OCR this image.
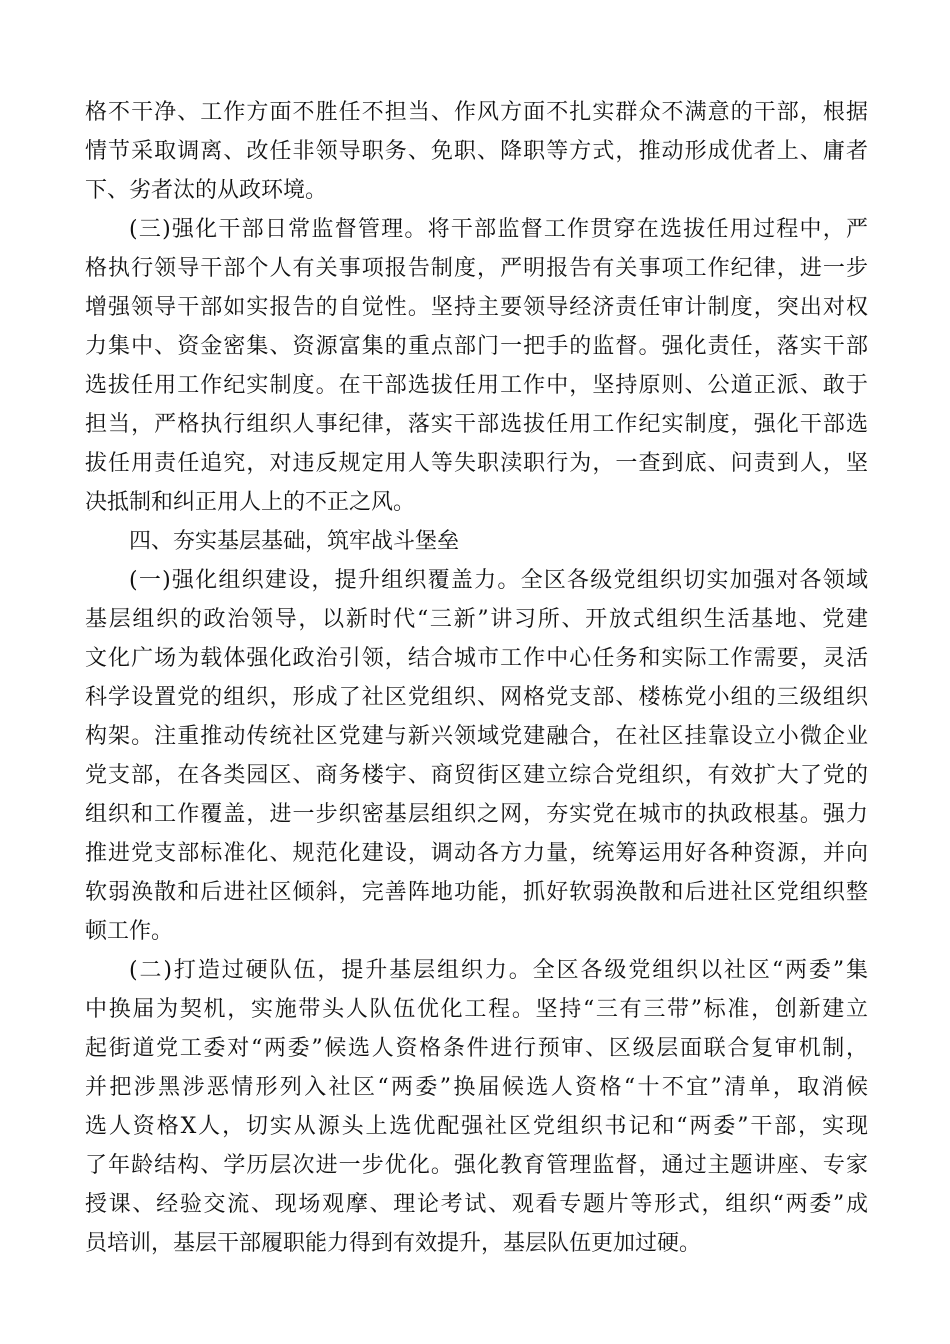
格不干净、工作方面不胜任不担当、作风方面不扎实群众不满意的干部，根据
情节采取调离、改任非领导职务、免职、降职等方式，推动形成优者上、庸者
下、劣者汰的从政环境。
(三)强化干部日常监督管理。将干部监督工作贯穿在选拔任用过程中，严
格执行领导干部个人有关事项报告制度，严明报告有关事项工作纪律，进一步
增强领导干部如实报告的自觉性。坚持主要领导经济责任审计制度，突出对权
力集中、资金密集、资源富集的重点部门一把手的监督。强化责任，落实干部
选拔任用工作纪实制度。在干部选拔任用工作中，坚持原则、公道正派、敢于
担当，严格执行组织人事纪律，落实干部选拔任用工作纪实制度，强化干部选
拔任用责任追究，对违反规定用人等失职渎职行为，一查到底、问责到人，坚
决抵制和纠正用人上的不正之风。
四、夯实基层基础，筑牢战斗堡垒
(一)强化组织建设，提升组织覆盖力。全区各级党组织切实加强对各领域
基层组织的政治领导，以新时代“三新”讲习所、开放式组织生活基地、党建
文化广场为载体强化政治引领，结合城市工作中心任务和实际工作需要，灵活
科学设置党的组织，形成了社区党组织、网格党支部、楼栋党小组的三级组织
构架。注重推动传统社区党建与新兴领域党建融合，在社区挂靠设立小微企业
党支部，在各类园区、商务楼宇、商贸街区建立综合党组织，有效扩大了党的
组织和工作覆盖，进一步织密基层组织之网，夯实党在城市的执政根基。强力
推进党支部标准化、规范化建设，调动各方力量，统筹运用好各种资源，并向
软弱涣散和后进社区倾斜，完善阵地功能，抓好软弱涣散和后进社区党组织整
顿工作。
(二)打造过硬队伍，提升基层组织力。全区各级党组织以社区“两委”集
中换届为契机，实施带头人队伍优化工程。坚持“三有三带”标准，创新建立
起街道党工委对“两委”候选人资格条件进行预审、区级层面联合复审机制，
并把涉黑涉恶情形列入社区“两委”换届候选人资格“十不宜”清单，取消候
选人资格X人，切实从源头上选优配强社区党组织书记和“两委”干部，实现
了年龄结构、学历层次进一步优化。强化教育管理监督，通过主题讲座、专家
授课、经验交流、现场观摩、理论考试、观看专题片等形式，组织“两委”成
员培训，基层干部履职能力得到有效提升，基层队伍更加过硬。
